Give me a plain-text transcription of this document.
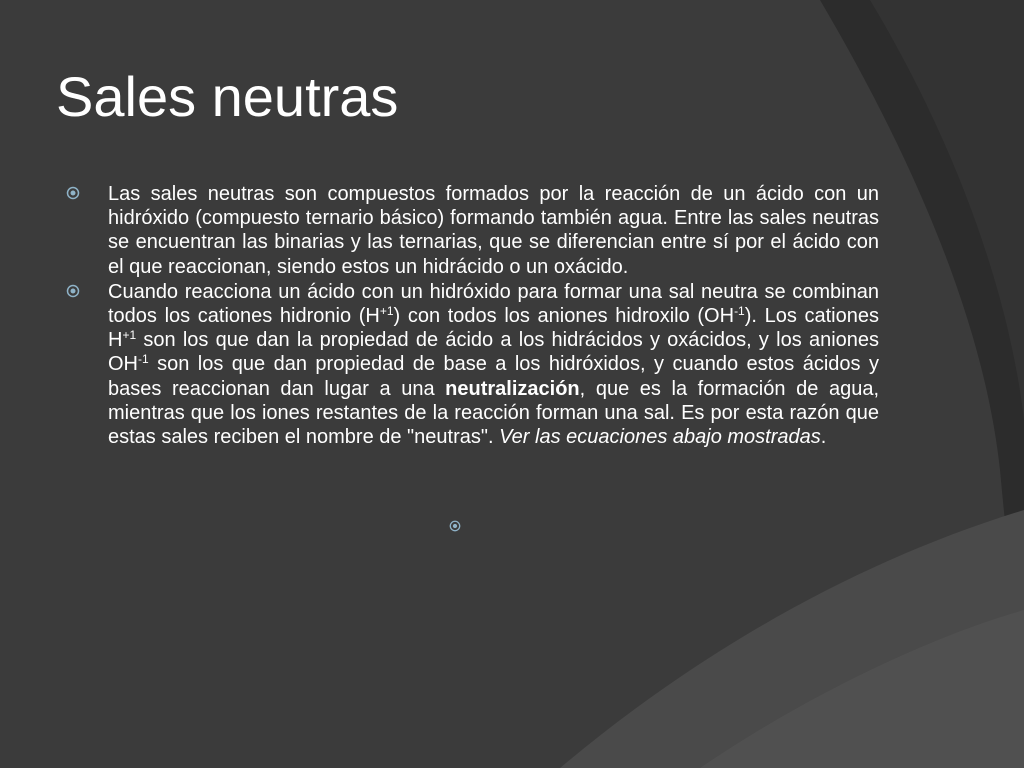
Sales neutras
Las sales neutras son compuestos formados por la reacción de un ácido con un hidróxido (compuesto ternario básico) formando también agua. Entre las sales neutras se encuentran las binarias y las ternarias, que se diferencian entre sí por el ácido con el que reaccionan, siendo estos un hidrácido o un oxácido.
Cuando reacciona un ácido con un hidróxido para formar una sal neutra se combinan todos los cationes hidronio $(H^{+1})$ con todos los aniones hidroxilo $(OH^{-1})$. Los cationes $H^{+1}$ son los que dan la propiedad de ácido a los hidrácidos y oxácidos, y los aniones $OH^{-1}$ son los que dan propiedad de base a los hidróxidos, y cuando estos ácidos y bases reaccionan dan lugar a una neutralización, que es la formación de agua, mientras que los iones restantes de la reacción forman una sal. Es por esta razón que estas sales reciben el nombre de "neutras". Ver las ecuaciones abajo mostradas.
